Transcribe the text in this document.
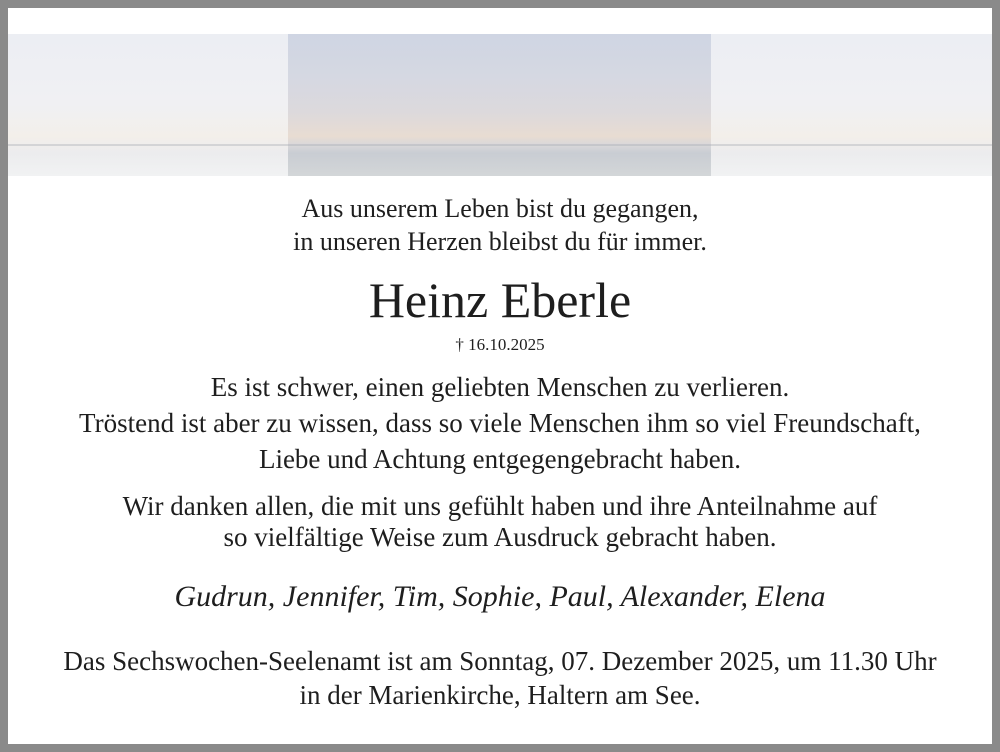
Aus unserem Leben bist du gegangen,
in unseren Herzen bleibst du für immer.
Heinz Eberle
† 16.10.2025
Es ist schwer, einen geliebten Menschen zu verlieren.
Tröstend ist aber zu wissen, dass so viele Menschen ihm so viel Freundschaft,
Liebe und Achtung entgegengebracht haben.
Wir danken allen, die mit uns gefühlt haben und ihre Anteilnahme auf
so vielfältige Weise zum Ausdruck gebracht haben.
Gudrun, Jennifer, Tim, Sophie, Paul, Alexander, Elena
Das Sechswochen-Seelenamt ist am Sonntag, 07. Dezember 2025, um 11.30 Uhr
in der Marienkirche, Haltern am See.
